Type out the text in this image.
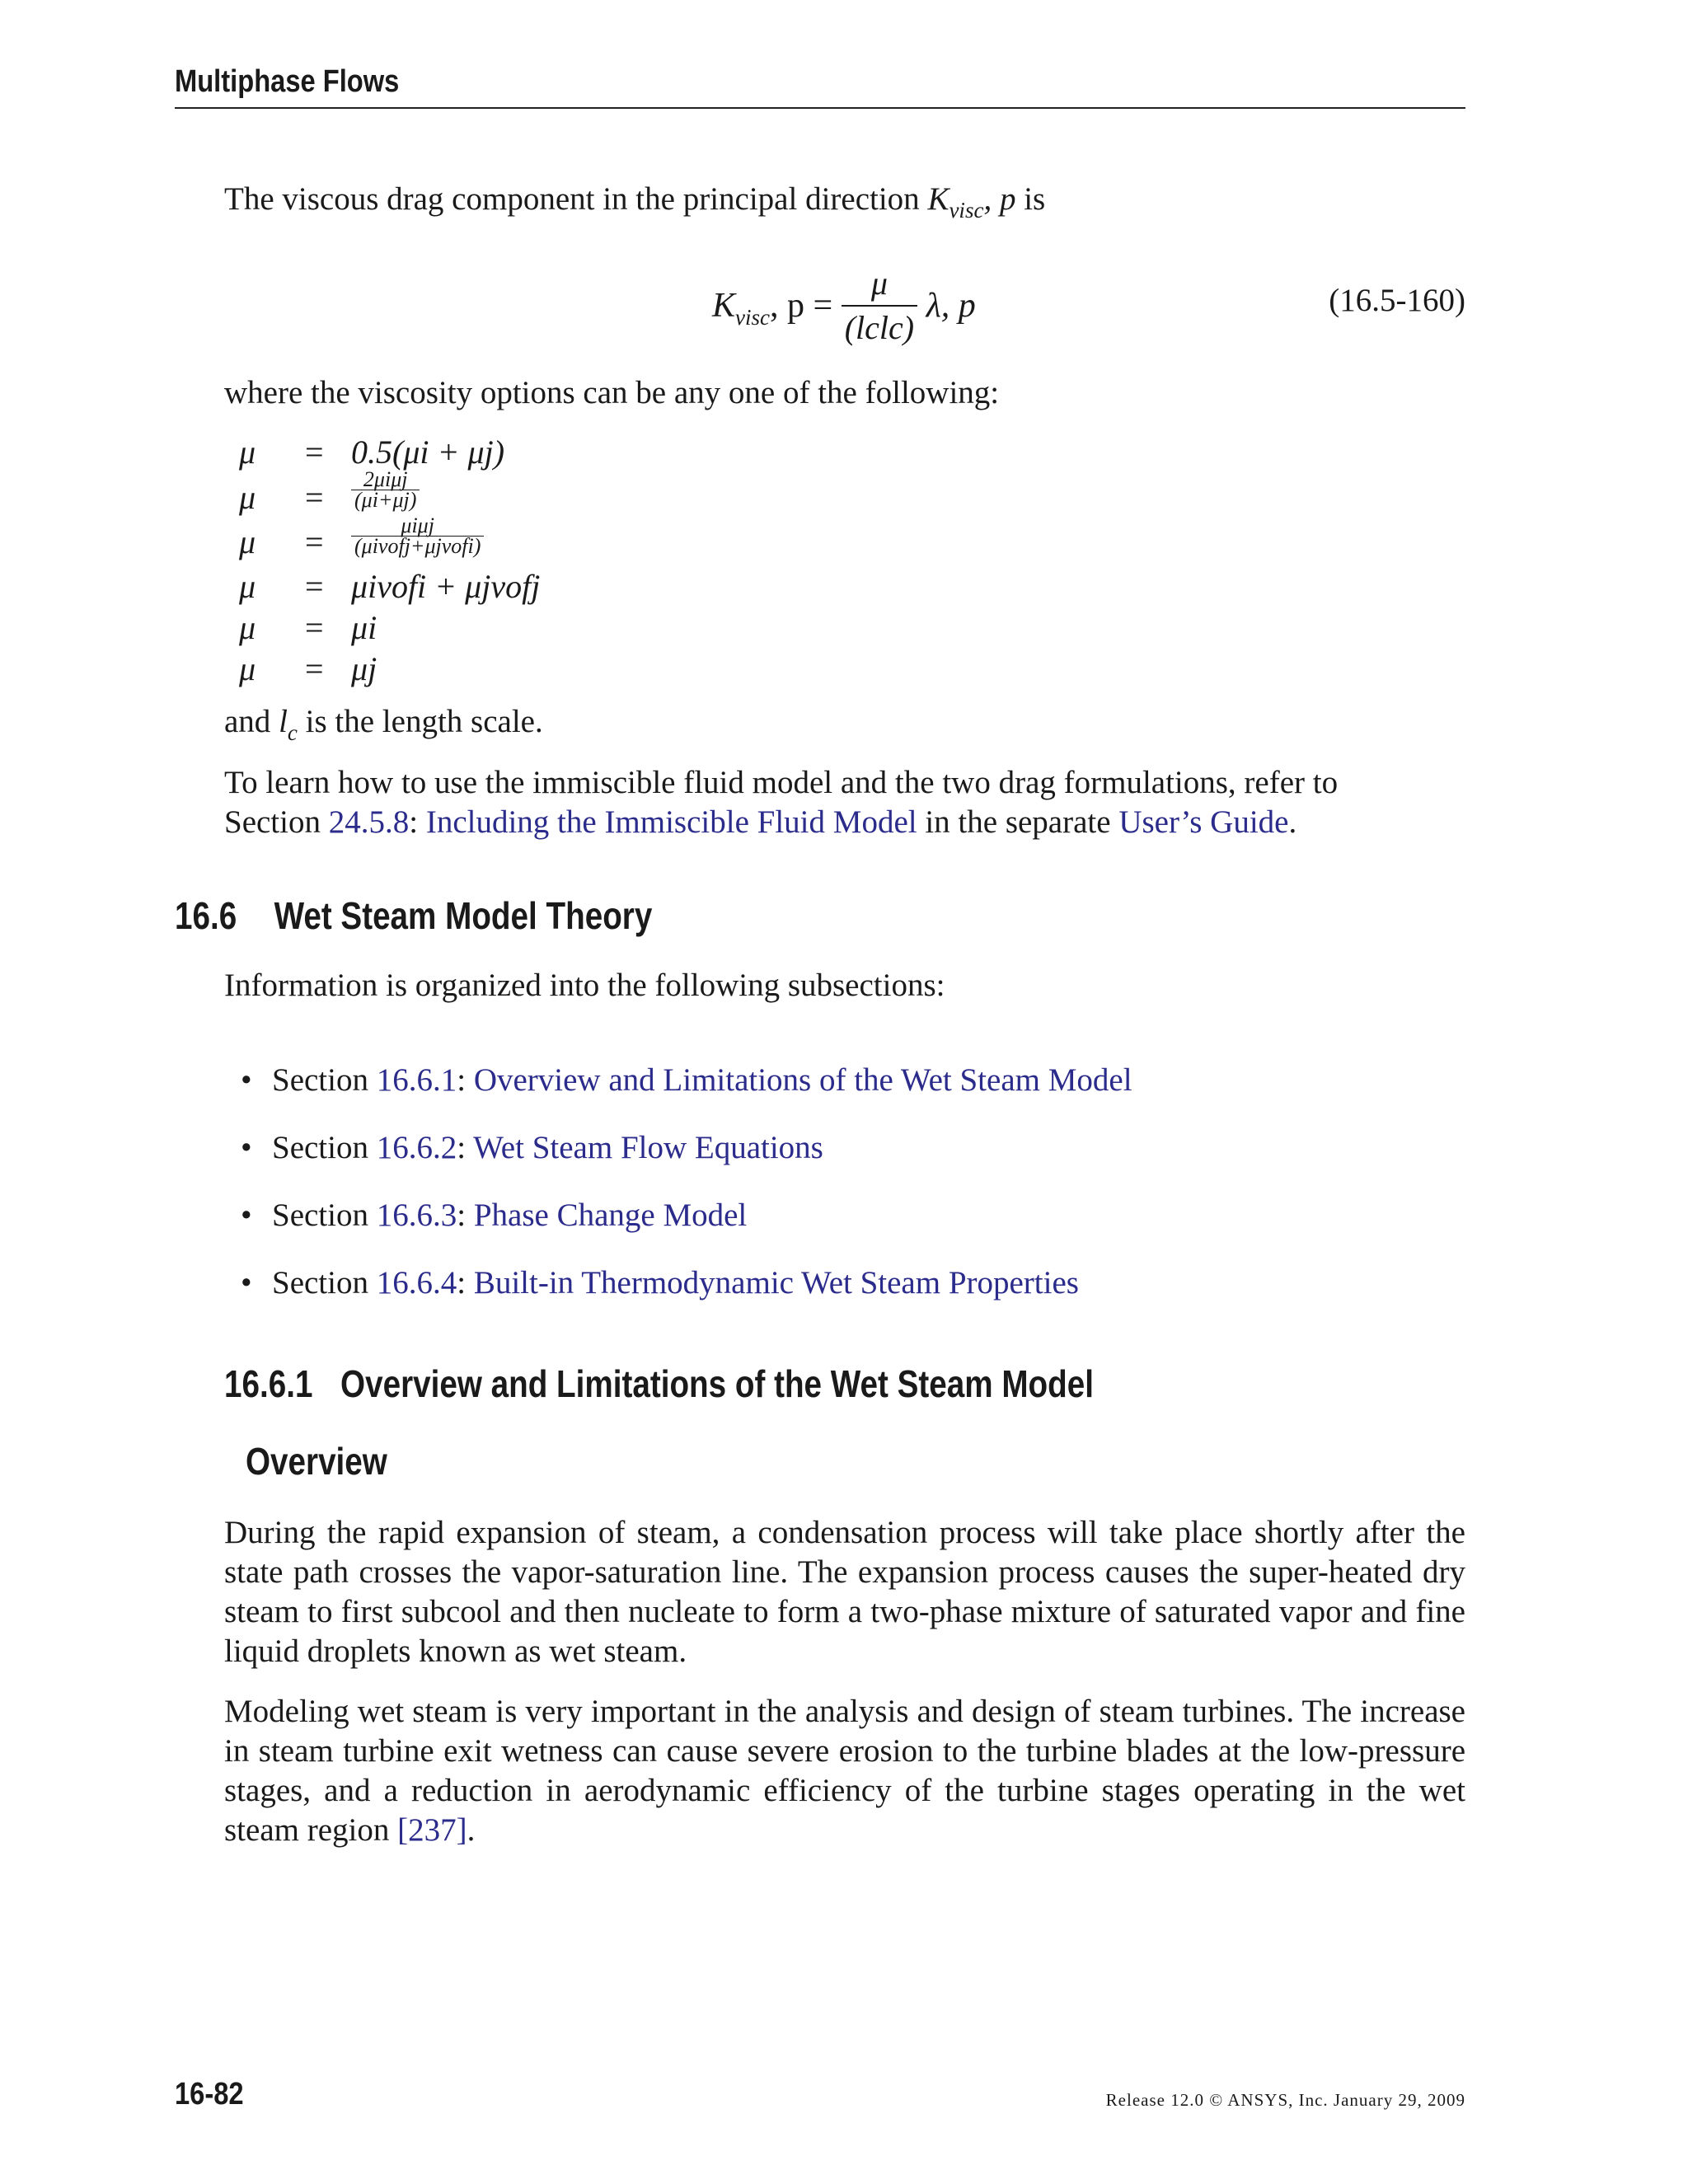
Multiphase Flows
The viscous drag component in the principal direction $K_{visc}$, p is
$K_{visc}$, $p = \frac{\mu}{\text{(lclc)}} \lambda$, p	(16.5-160)
where the viscosity options can be any one of the following:
μ	= 0.5(μi + μj)
μ	=	2μiμj
(μi+μj)
μ	=	μiμj
(μivofj+μjvofi)
μ	= μivofi + μjvofj
μ	= μi
μ	= μj
and $l_c$ is the length scale.
To learn how to use the immiscible fluid model and the two drag formulations, refer to
Section 24.5.8: Including the Immiscible Fluid Model in the separate User’s Guide.
16.6 Wet Steam Model Theory
Information is organized into the following subsections:
• Section 16.6.1: Overview and Limitations of the Wet Steam Model
• Section 16.6.2: Wet Steam Flow Equations
• Section 16.6.3: Phase Change Model
• Section 16.6.4: Built-in Thermodynamic Wet Steam Properties
16.6.1 Overview and Limitations of the Wet Steam Model
Overview
During the rapid expansion of steam, a condensation process will take place shortly after the state path crosses the vapor-saturation line. The expansion process causes the super-heated dry steam to first subcool and then nucleate to form a two-phase mixture of saturated vapor and fine liquid droplets known as wet steam.
Modeling wet steam is very important in the analysis and design of steam turbines. The increase in steam turbine exit wetness can cause severe erosion to the turbine blades at the low-pressure stages, and a reduction in aerodynamic efficiency of the turbine stages operating in the wet steam region [237].
16-82	Release 12.0 © ANSYS, Inc. January 29, 2009
